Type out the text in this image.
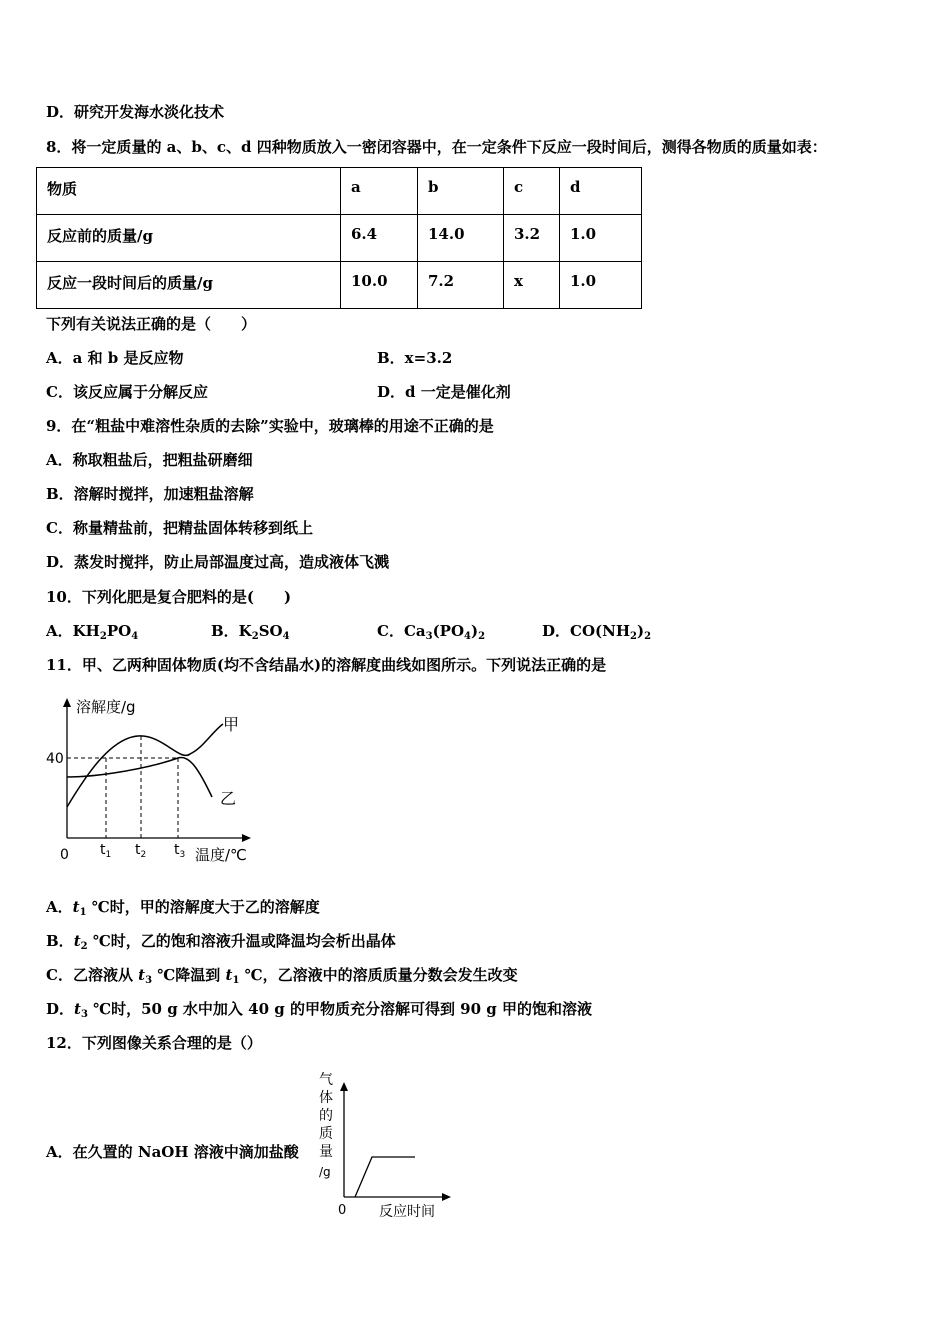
D．研究开发海水淡化技术
8．将一定质量的 a、b、c、d 四种物质放入一密闭容器中，在一定条件下反应一段时间后，测得各物质的质量如表：
物质	a	b	c	d
反应前的质量/g	6.4	14.0	3.2	1.0
反应一段时间后的质量/g	10.0	7.2	x	1.0
下列有关说法正确的是（　　）
A．a 和 b 是反应物	B．x=3.2
C．该反应属于分解反应	D．d 一定是催化剂
9．在“粗盐中难溶性杂质的去除”实验中，玻璃棒的用途不正确的是
A．称取粗盐后，把粗盐研磨细
B．溶解时搅拌，加速粗盐溶解
C．称量精盐前，把精盐固体转移到纸上
D．蒸发时搅拌，防止局部温度过高，造成液体飞溅
10．下列化肥是复合肥料的是(　　)
A．$KH_2PO_4$	B．$K_2SO_4$	C．$Ca_3(PO_4)_2$	D．$CO(NH_2)_2$
11．甲、乙两种固体物质(均不含结晶水)的溶解度曲线如图所示。下列说法正确的是
溶解度/g
温度/℃
0
40
甲
乙
$t_1$ $t_2$ $t_3$
A．$t_1$ ℃时，甲的溶解度大于乙的溶解度
B．$t_2$ ℃时，乙的饱和溶液升温或降温均会析出晶体
C．乙溶液从 $t_3$ ℃降温到 $t_1$ ℃，乙溶液中的溶质质量分数会发生改变
D．$t_3$ ℃时，50 g 水中加入 40 g 的甲物质充分溶解可得到 90 g 甲的饱和溶液
12．下列图像关系合理的是（）
A．在久置的 NaOH 溶液中滴加盐酸
气
体
的
质
量
/g
0 反应时间
